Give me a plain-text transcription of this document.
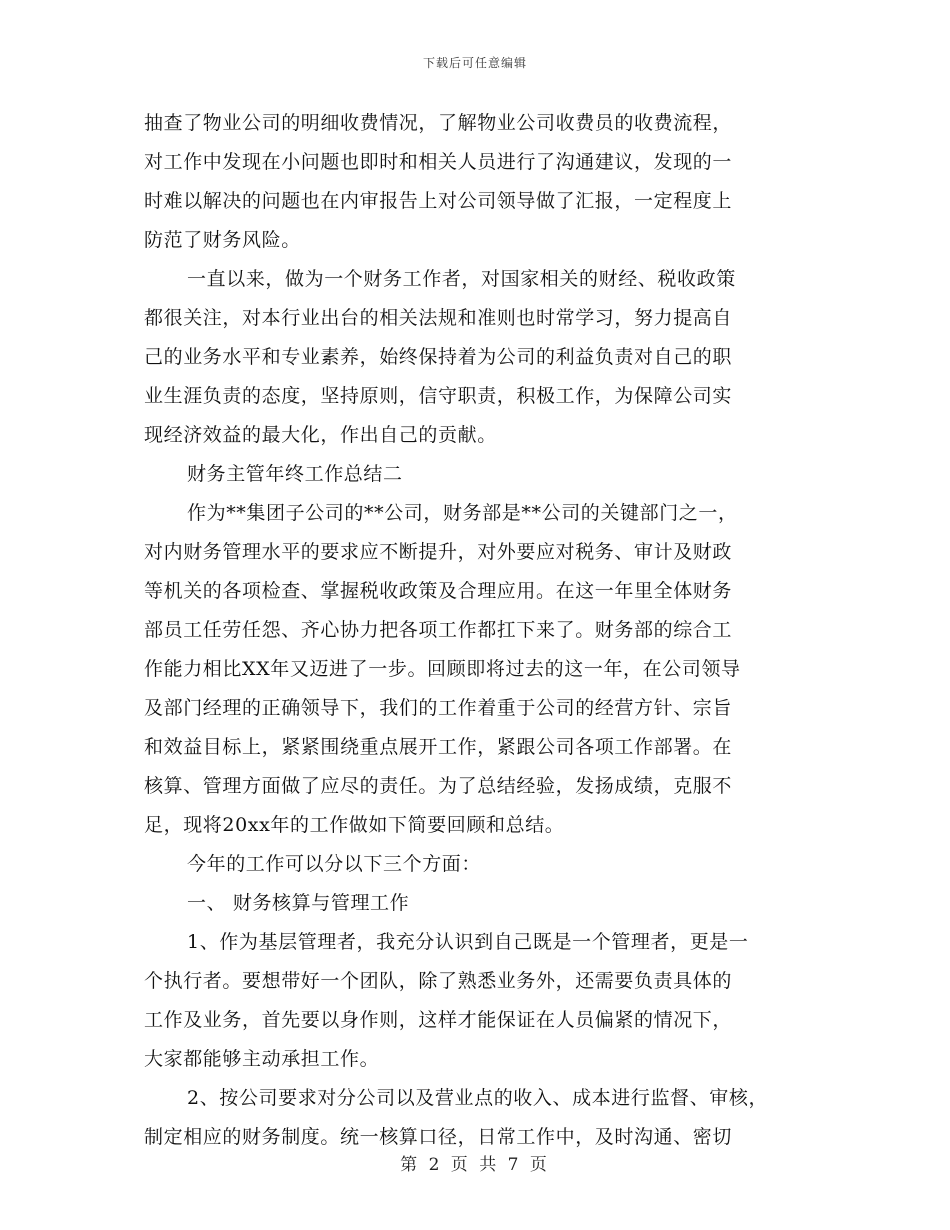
下载后可任意编辑
抽查了物业公司的明细收费情况，了解物业公司收费员的收费流程，
对工作中发现在小问题也即时和相关人员进行了沟通建议，发现的一
时难以解决的问题也在内审报告上对公司领导做了汇报，一定程度上
防范了财务风险。
一直以来，做为一个财务工作者，对国家相关的财经、税收政策
都很关注，对本行业出台的相关法规和准则也时常学习，努力提高自
己的业务水平和专业素养，始终保持着为公司的利益负责对自己的职
业生涯负责的态度，坚持原则，信守职责，积极工作，为保障公司实
现经济效益的最大化，作出自己的贡献。
财务主管年终工作总结二
作为**集团子公司的**公司，财务部是**公司的关键部门之一，
对内财务管理水平的要求应不断提升，对外要应对税务、审计及财政
等机关的各项检查、掌握税收政策及合理应用。在这一年里全体财务
部员工任劳任怨、齐心协力把各项工作都扛下来了。财务部的综合工
作能力相比XX年又迈进了一步。回顾即将过去的这一年，在公司领导
及部门经理的正确领导下，我们的工作着重于公司的经营方针、宗旨
和效益目标上，紧紧围绕重点展开工作，紧跟公司各项工作部署。在
核算、管理方面做了应尽的责任。为了总结经验，发扬成绩，克服不
足，现将20xx年的工作做如下简要回顾和总结。
今年的工作可以分以下三个方面：
一、 财务核算与管理工作
1、作为基层管理者，我充分认识到自己既是一个管理者，更是一
个执行者。要想带好一个团队，除了熟悉业务外，还需要负责具体的
工作及业务，首先要以身作则，这样才能保证在人员偏紧的情况下，
大家都能够主动承担工作。
2、按公司要求对分公司以及营业点的收入、成本进行监督、审核，
制定相应的财务制度。统一核算口径，日常工作中，及时沟通、密切
第 2 页 共 7 页
